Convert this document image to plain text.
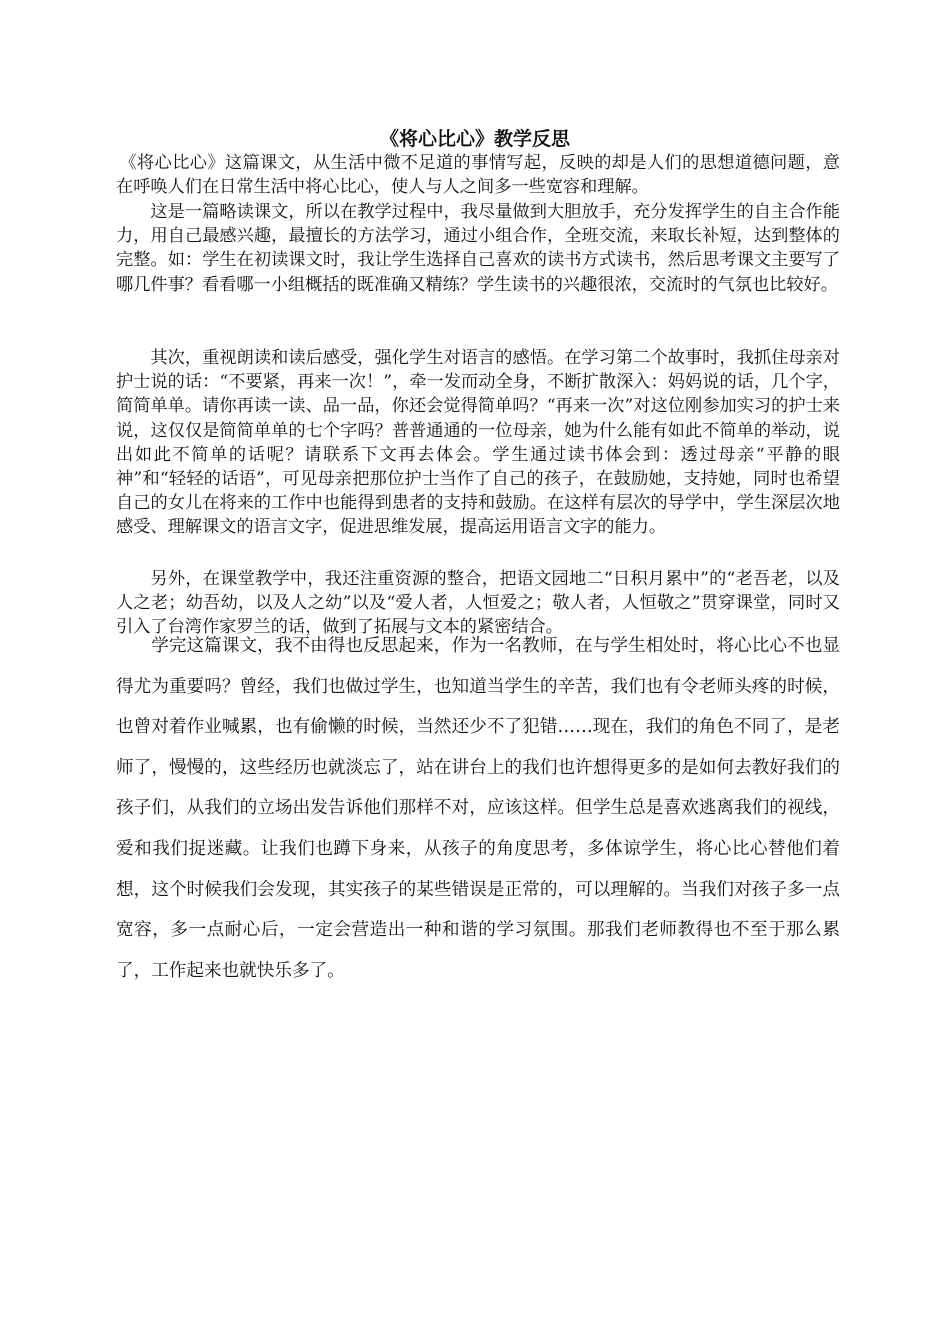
《将心比心》教学反思

《将心比心》这篇课文，从生活中微不足道的事情写起，反映的却是人们的思想道德问题，意在呼唤人们在日常生活中将心比心，使人与人之间多一些宽容和理解。

这是一篇略读课文，所以在教学过程中，我尽量做到大胆放手，充分发挥学生的自主合作能力，用自己最感兴趣，最擅长的方法学习，通过小组合作，全班交流，来取长补短，达到整体的完整。如：学生在初读课文时，我让学生选择自己喜欢的读书方式读书，然后思考课文主要写了哪几件事？看看哪一小组概括的既准确又精练？学生读书的兴趣很浓，交流时的气氛也比较好。

其次，重视朗读和读后感受，强化学生对语言的感悟。在学习第二个故事时，我抓住母亲对护士说的话：“不要紧，再来一次！”，牵一发而动全身，不断扩散深入：妈妈说的话，几个字，简简单单。请你再读一读、品一品，你还会觉得简单吗？“再来一次”对这位刚参加实习的护士来说，这仅仅是简简单单的七个字吗？普普通通的一位母亲，她为什么能有如此不简单的举动，说出如此不简单的话呢？请联系下文再去体会。学生通过读书体会到：透过母亲“平静的眼神”和“轻轻的话语”，可见母亲把那位护士当作了自己的孩子，在鼓励她，支持她，同时也希望自己的女儿在将来的工作中也能得到患者的支持和鼓励。在这样有层次的导学中，学生深层次地感受、理解课文的语言文字，促进思维发展，提高运用语言文字的能力。

另外，在课堂教学中，我还注重资源的整合，把语文园地二“日积月累中”的“老吾老，以及人之老；幼吾幼，以及人之幼”以及“爱人者，人恒爱之；敬人者，人恒敬之”贯穿课堂，同时又引入了台湾作家罗兰的话，做到了拓展与文本的紧密结合。

学完这篇课文，我不由得也反思起来，作为一名教师，在与学生相处时，将心比心不也显得尤为重要吗？曾经，我们也做过学生，也知道当学生的辛苦，我们也有令老师头疼的时候，也曾对着作业喊累，也有偷懒的时候，当然还少不了犯错……现在，我们的角色不同了，是老师了，慢慢的，这些经历也就淡忘了，站在讲台上的我们也许想得更多的是如何去教好我们的孩子们，从我们的立场出发告诉他们那样不对，应该这样。但学生总是喜欢逃离我们的视线，爱和我们捉迷藏。让我们也蹲下身来，从孩子的角度思考，多体谅学生，将心比心替他们着想，这个时候我们会发现，其实孩子的某些错误是正常的，可以理解的。当我们对孩子多一点宽容，多一点耐心后，一定会营造出一种和谐的学习氛围。那我们老师教得也不至于那么累了，工作起来也就快乐多了。
